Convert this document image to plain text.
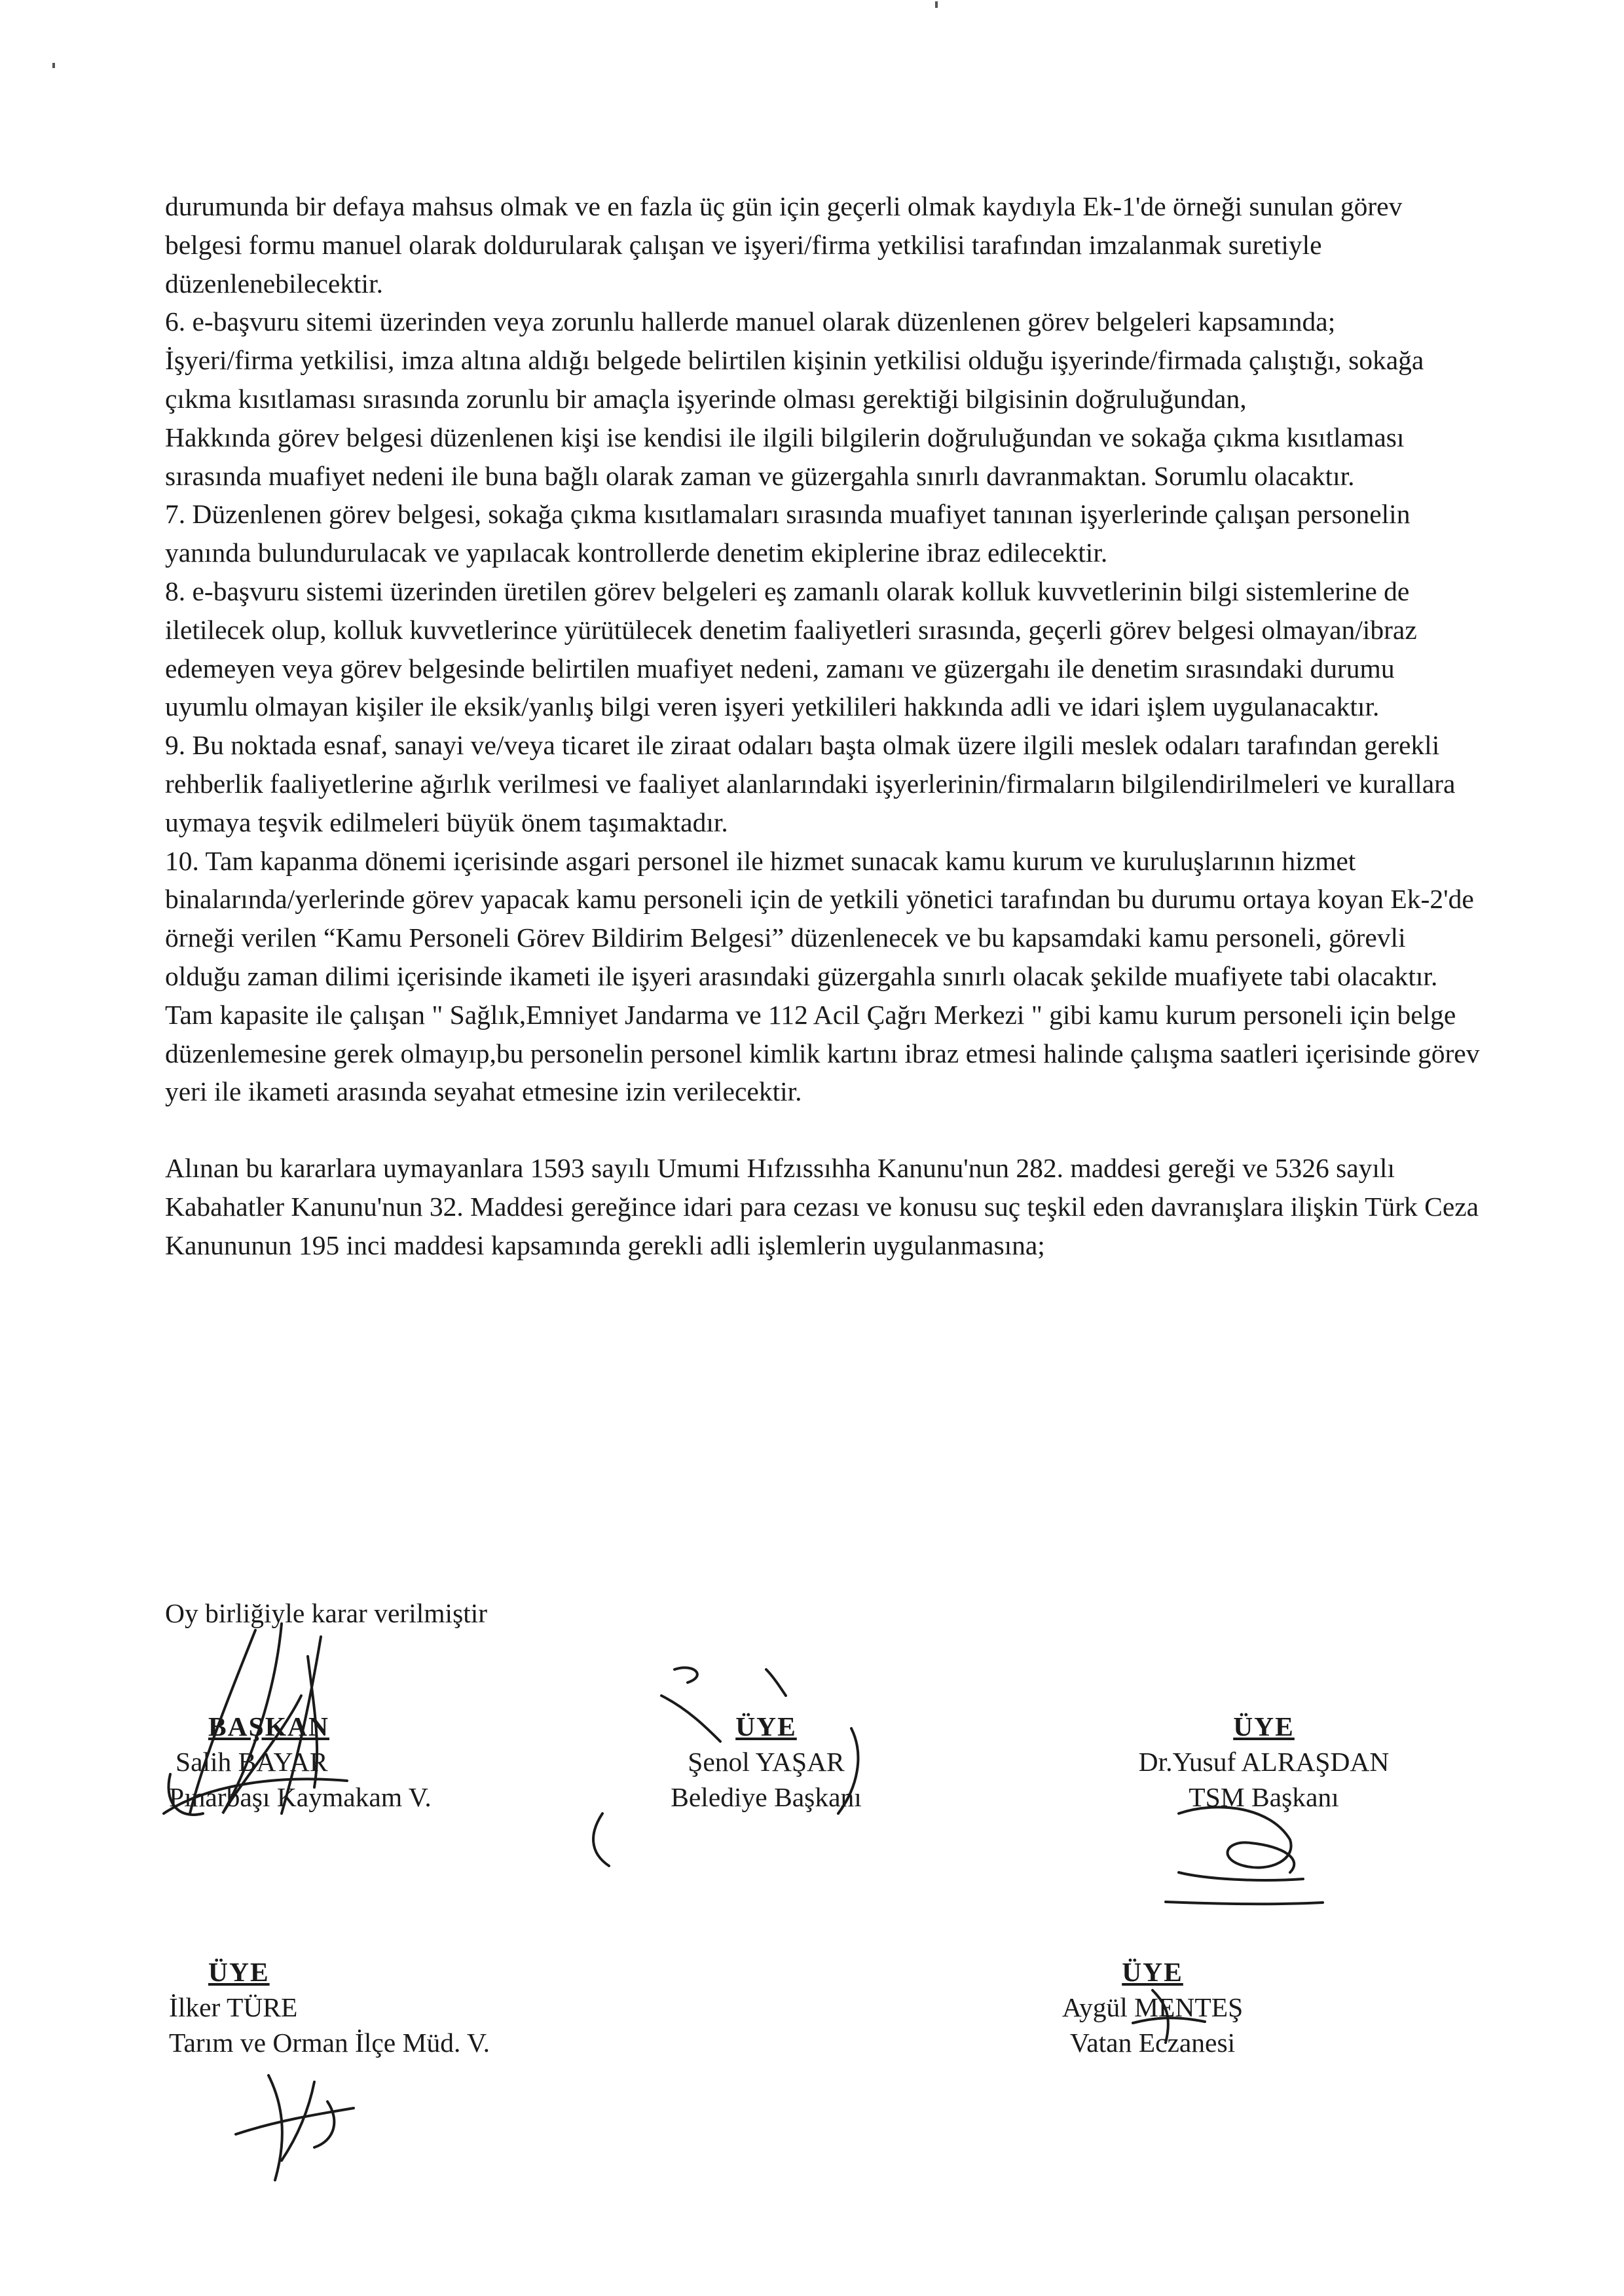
durumunda bir defaya mahsus olmak ve en fazla üç gün için geçerli olmak kaydıyla Ek-1'de örneği sunulan görev belgesi formu manuel olarak doldurularak çalışan ve işyeri/firma yetkilisi tarafından imzalanmak suretiyle düzenlenebilecektir.

6. e-başvuru sitemi üzerinden veya zorunlu hallerde manuel olarak düzenlenen görev belgeleri kapsamında;

İşyeri/firma yetkilisi, imza altına aldığı belgede belirtilen kişinin yetkilisi olduğu işyerinde/firmada çalıştığı, sokağa çıkma kısıtlaması sırasında zorunlu bir amaçla işyerinde olması gerektiği bilgisinin doğruluğundan,

Hakkında görev belgesi düzenlenen kişi ise kendisi ile ilgili bilgilerin doğruluğundan ve sokağa çıkma kısıtlaması sırasında muafiyet nedeni ile buna bağlı olarak zaman ve güzergahla sınırlı davranmaktan. Sorumlu olacaktır.

7. Düzenlenen görev belgesi, sokağa çıkma kısıtlamaları sırasında muafiyet tanınan işyerlerinde çalışan personelin yanında bulundurulacak ve yapılacak kontrollerde denetim ekiplerine ibraz edilecektir.

8. e-başvuru sistemi üzerinden üretilen görev belgeleri eş zamanlı olarak kolluk kuvvetlerinin bilgi sistemlerine de iletilecek olup, kolluk kuvvetlerince yürütülecek denetim faaliyetleri sırasında, geçerli görev belgesi olmayan/ibraz edemeyen veya görev belgesinde belirtilen muafiyet nedeni, zamanı ve güzergahı ile denetim sırasındaki durumu uyumlu olmayan kişiler ile eksik/yanlış bilgi veren işyeri yetkilileri hakkında adli ve idari işlem uygulanacaktır.

9. Bu noktada esnaf, sanayi ve/veya ticaret ile ziraat odaları başta olmak üzere ilgili meslek odaları tarafından gerekli rehberlik faaliyetlerine ağırlık verilmesi ve faaliyet alanlarındaki işyerlerinin/firmaların bilgilendirilmeleri ve kurallara uymaya teşvik edilmeleri büyük önem taşımaktadır.

10. Tam kapanma dönemi içerisinde asgari personel ile hizmet sunacak kamu kurum ve kuruluşlarının hizmet binalarında/yerlerinde görev yapacak kamu personeli için de yetkili yönetici tarafından bu durumu ortaya koyan Ek-2'de örneği verilen “Kamu Personeli Görev Bildirim Belgesi” düzenlenecek ve bu kapsamdaki kamu personeli, görevli olduğu zaman dilimi içerisinde ikameti ile işyeri arasındaki güzergahla sınırlı olacak şekilde muafiyete tabi olacaktır. Tam kapasite ile çalışan " Sağlık,Emniyet Jandarma ve 112 Acil Çağrı Merkezi " gibi kamu kurum personeli için belge düzenlemesine gerek olmayıp,bu personelin personel kimlik kartını ibraz etmesi halinde çalışma saatleri içerisinde görev yeri ile ikameti arasında seyahat etmesine izin verilecektir.

Alınan bu kararlara uymayanlara 1593 sayılı Umumi Hıfzıssıhha Kanunu'nun 282. maddesi gereği ve 5326 sayılı Kabahatler Kanunu'nun 32. Maddesi gereğince idari para cezası ve konusu suç teşkil eden davranışlara ilişkin Türk Ceza Kanununun 195 inci maddesi kapsamında gerekli adli işlemlerin uygulanmasına;

Oy birliğiyle karar verilmiştir

BAŞKAN
Salih BAYAR
Pınarbaşı Kaymakam V.
ÜYE
Şenol YAŞAR
Belediye Başkanı
ÜYE
Dr.Yusuf ALRAŞDAN
TSM Başkanı
ÜYE
İlker TÜRE
Tarım ve Orman İlçe Müd. V.
ÜYE
Aygül MENTEŞ
Vatan Eczanesi
